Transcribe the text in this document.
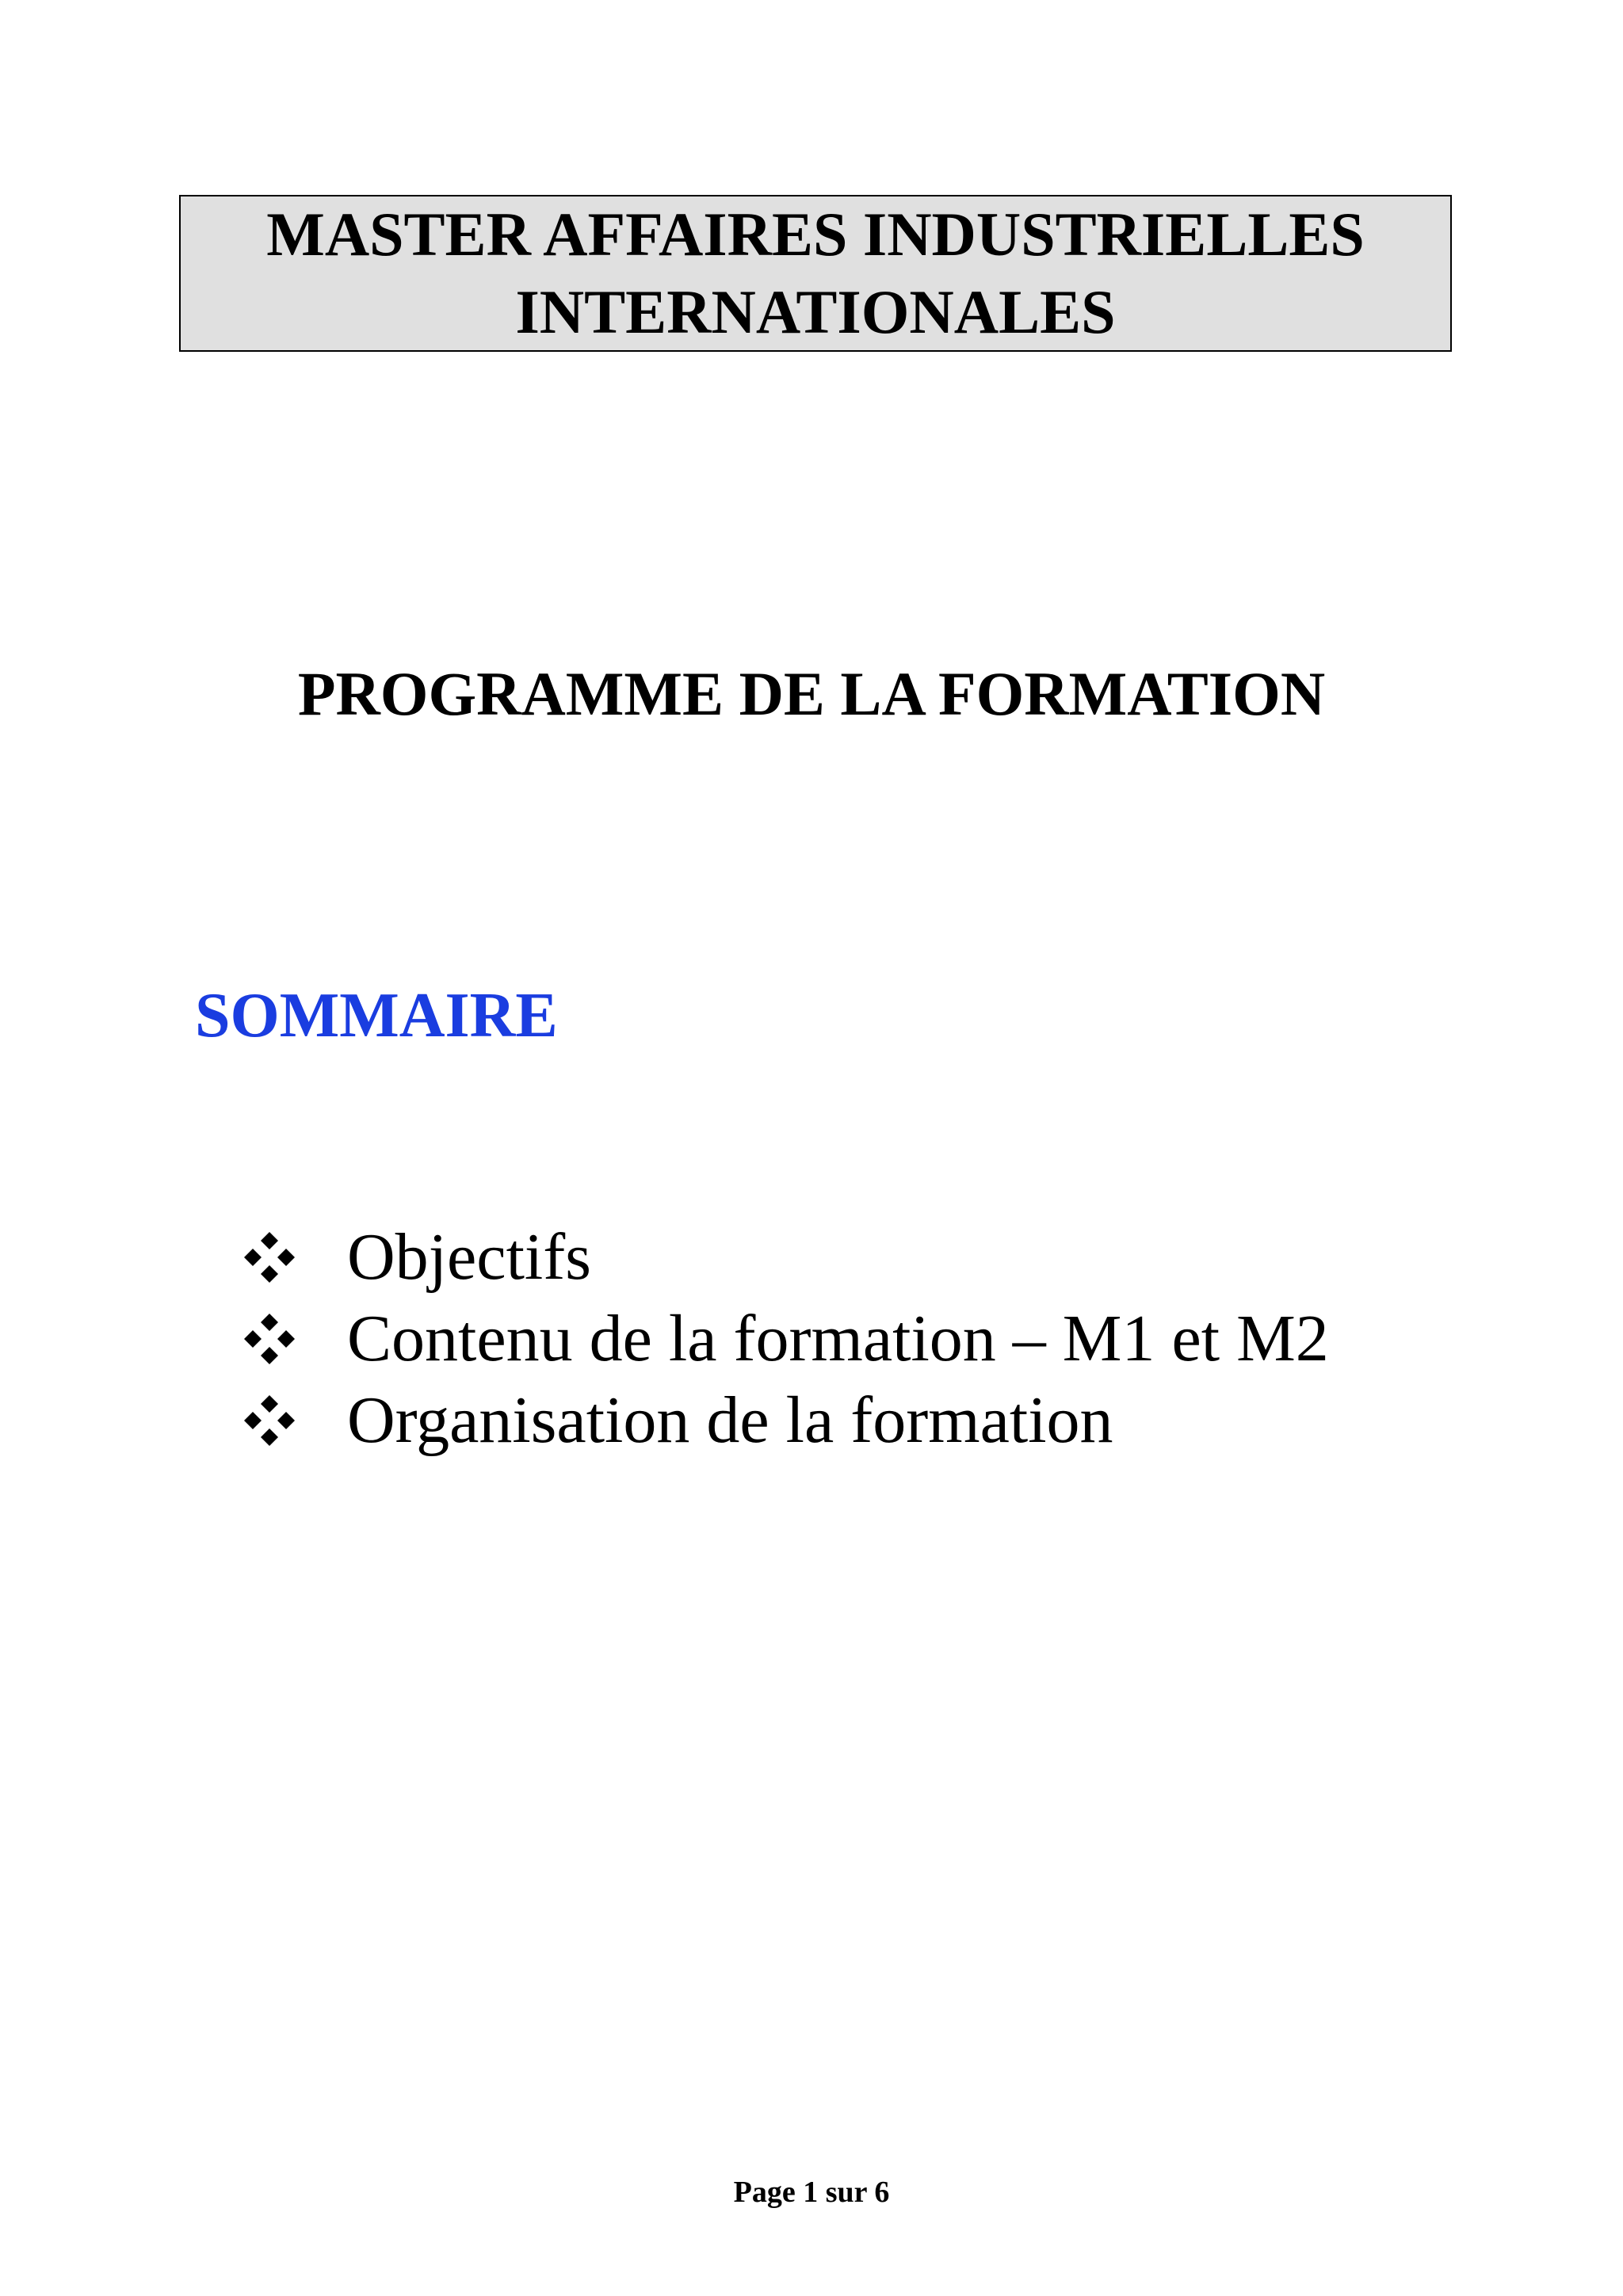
MASTER AFFAIRES INDUSTRIELLES
INTERNATIONALES
PROGRAMME DE LA FORMATION
SOMMAIRE
Objectifs
Contenu de la formation – M1 et M2
Organisation de la formation
Page 1 sur 6
